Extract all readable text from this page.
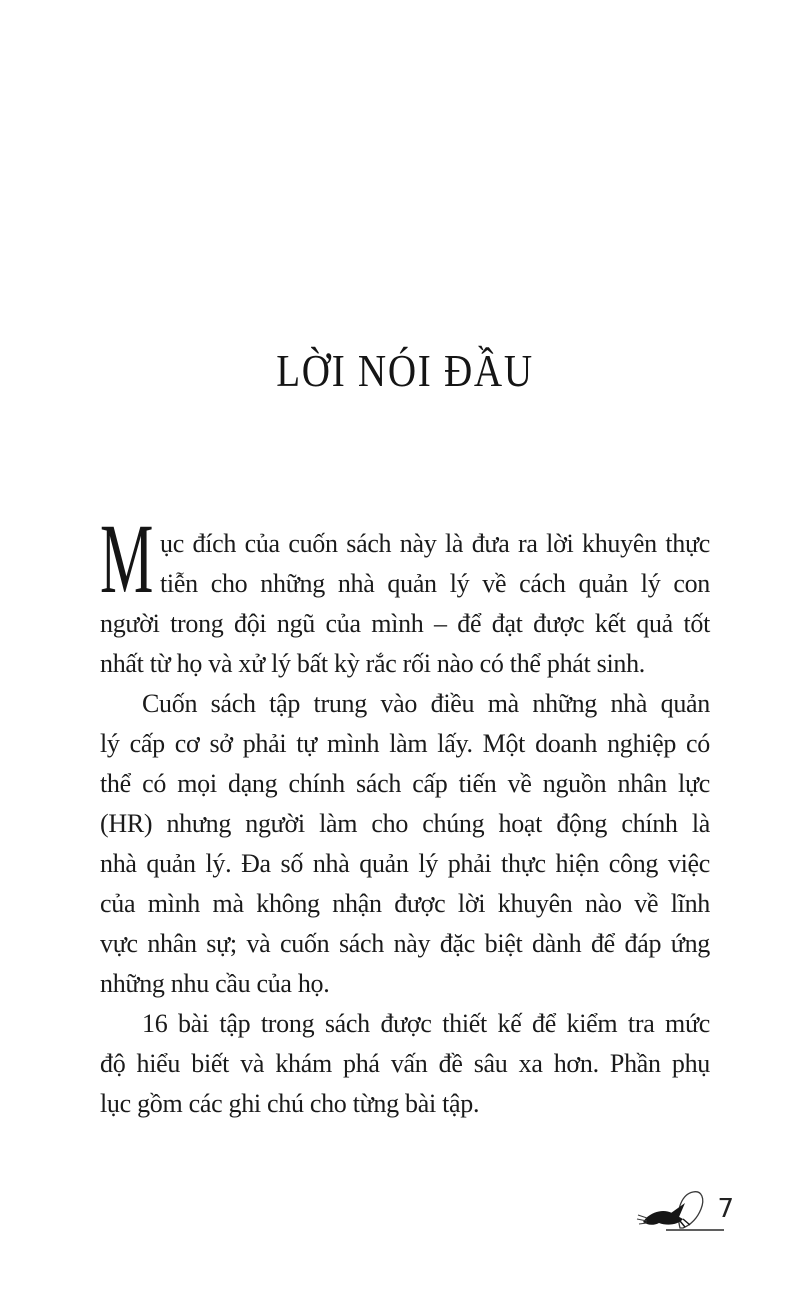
LỜI NÓI ĐẦU
M ục đích của cuốn sách này là đưa ra lời khuyên thực
tiễn cho những nhà quản lý về cách quản lý con
người trong đội ngũ của mình – để đạt được kết quả tốt
nhất từ họ và xử lý bất kỳ rắc rối nào có thể phát sinh.
Cuốn sách tập trung vào điều mà những nhà quản
lý cấp cơ sở phải tự mình làm lấy. Một doanh nghiệp có
thể có mọi dạng chính sách cấp tiến về nguồn nhân lực
(HR) nhưng người làm cho chúng hoạt động chính là
nhà quản lý. Đa số nhà quản lý phải thực hiện công việc
của mình mà không nhận được lời khuyên nào về lĩnh
vực nhân sự; và cuốn sách này đặc biệt dành để đáp ứng
những nhu cầu của họ.
16 bài tập trong sách được thiết kế để kiểm tra mức
độ hiểu biết và khám phá vấn đề sâu xa hơn. Phần phụ
lục gồm các ghi chú cho từng bài tập.
7
